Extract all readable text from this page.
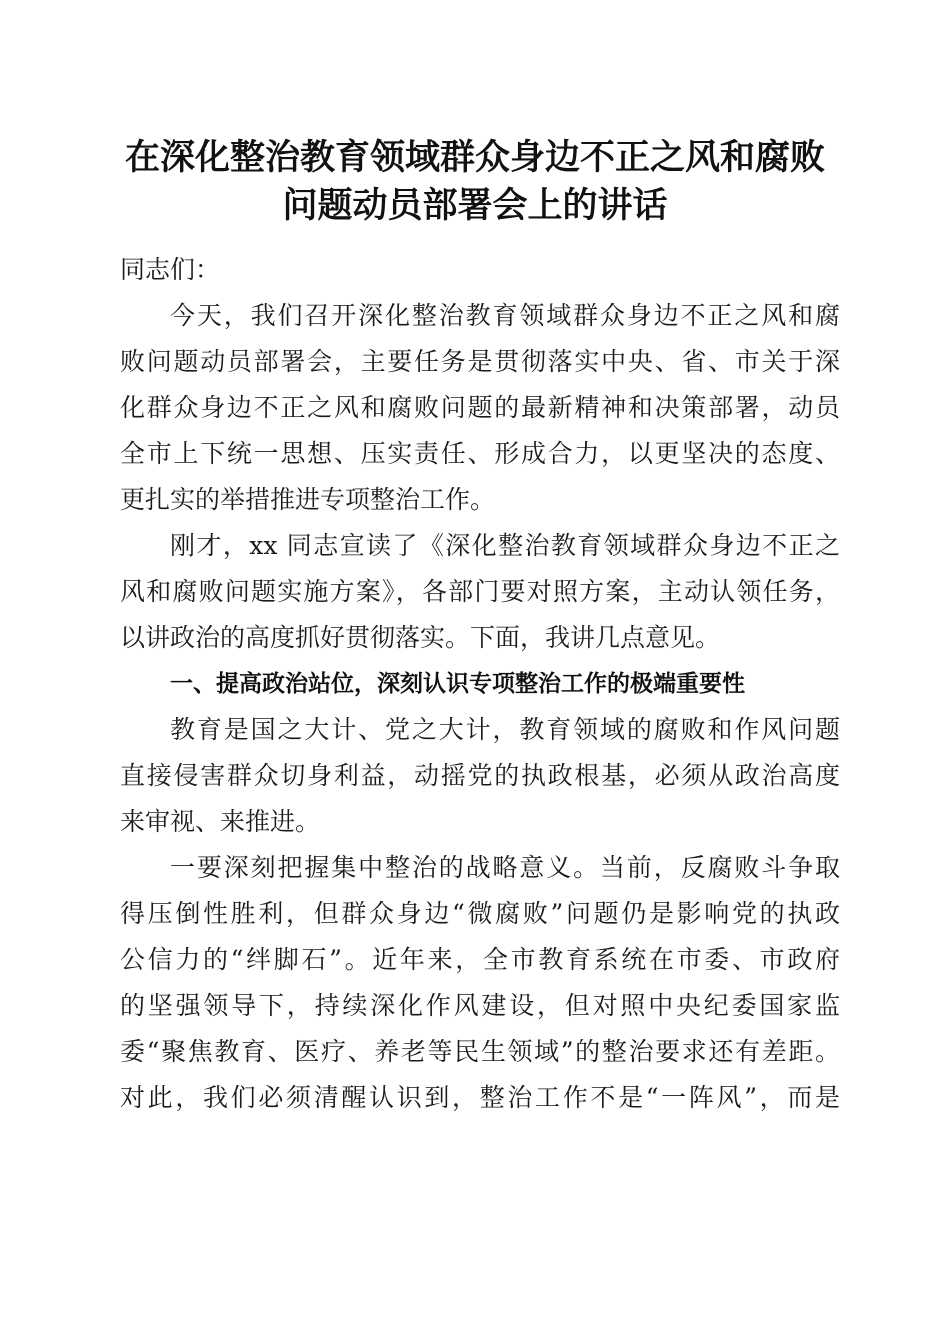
在深化整治教育领域群众身边不正之风和腐败
问题动员部署会上的讲话
同志们：
今天，我们召开深化整治教育领域群众身边不正之风和腐
败问题动员部署会，主要任务是贯彻落实中央、省、市关于深
化群众身边不正之风和腐败问题的最新精神和决策部署，动员
全市上下统一思想、压实责任、形成合力，以更坚决的态度、
更扎实的举措推进专项整治工作。
刚才，xx 同志宣读了《深化整治教育领域群众身边不正之
风和腐败问题实施方案》，各部门要对照方案，主动认领任务，
以讲政治的高度抓好贯彻落实。下面，我讲几点意见。
一、提高政治站位，深刻认识专项整治工作的极端重要性
教育是国之大计、党之大计，教育领域的腐败和作风问题
直接侵害群众切身利益，动摇党的执政根基，必须从政治高度
来审视、来推进。
一要深刻把握集中整治的战略意义。当前，反腐败斗争取
得压倒性胜利，但群众身边“微腐败”问题仍是影响党的执政
公信力的“绊脚石”。近年来，全市教育系统在市委、市政府
的坚强领导下，持续深化作风建设，但对照中央纪委国家监
委“聚焦教育、医疗、养老等民生领域”的整治要求还有差距。
对此，我们必须清醒认识到，整治工作不是“一阵风”，而是
